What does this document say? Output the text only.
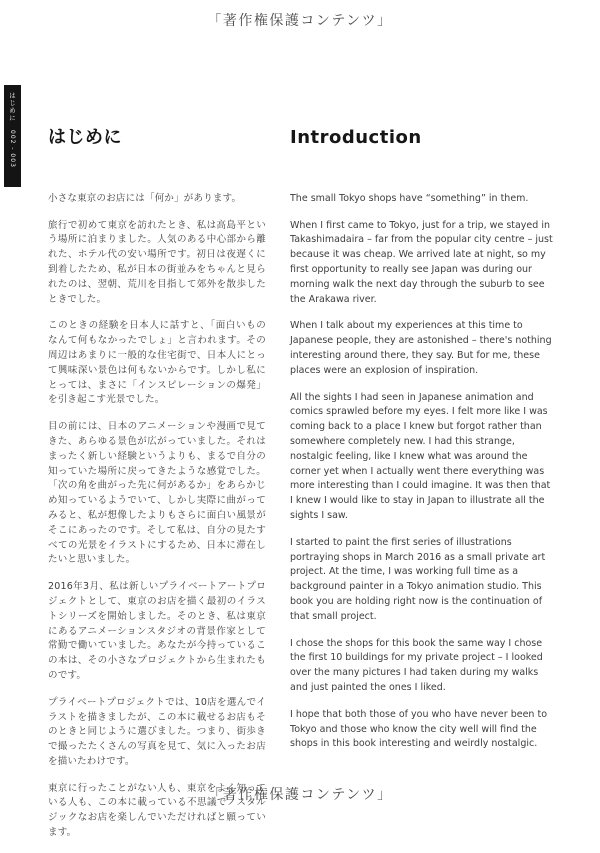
「著作権保護コンテンツ」
はじめに
002 - 003 はじめに

小さな東京のお店には「何か」があります。

旅行で初めて東京を訪れたとき、私は高島平という場所に泊まりました。人気のある中心部から離れた、ホテル代の安い場所です。初日は夜遅くに到着したため、私が日本の街並みをちゃんと見られたのは、翌朝、荒川を目指して郊外を散歩したときでした。

このときの経験を日本人に話すと、「面白いものなんて何もなかったでしょ」と言われます。その周辺はあまりに一般的な住宅街で、日本人にとって興味深い景色は何もないからです。しかし私にとっては、まさに「インスピレーションの爆発」を引き起こす光景でした。

目の前には、日本のアニメーションや漫画で見てきた、あらゆる景色が広がっていました。それはまったく新しい経験というよりも、まるで自分の知っていた場所に戻ってきたような感覚でした。「次の角を曲がった先に何があるか」をあらかじめ知っているようでいて、しかし実際に曲がってみると、私が想像したよりもさらに面白い風景がそこにあったのです。そして私は、自分の見たすべての光景をイラストにするため、日本に滞在したいと思いました。

2016年3月、私は新しいプライベートアートプロジェクトとして、東京のお店を描く最初のイラストシリーズを開始しました。そのとき、私は東京にあるアニメーションスタジオの背景作家として常勤で働いていました。あなたが今持っているこの本は、その小さなプロジェクトから生まれたものです。

プライベートプロジェクトでは、10店を選んでイラストを描きましたが、この本に載せるお店もそのときと同じように選びました。つまり、街歩きで撮ったたくさんの写真を見て、気に入ったお店を描いたわけです。

東京に行ったことがない人も、東京をよく知っている人も、この本に載っている不思議でノスタルジックなお店を楽しんでいただければと願っています。

Introduction

The small Tokyo shops have “something” in them.

When I first came to Tokyo, just for a trip, we stayed in Takashimadaira – far from the popular city centre – just because it was cheap. We arrived late at night, so my first opportunity to really see Japan was during our morning walk the next day through the suburb to see the Arakawa river.

When I talk about my experiences at this time to Japanese people, they are astonished – there's nothing interesting around there, they say. But for me, these places were an explosion of inspiration.

All the sights I had seen in Japanese animation and comics sprawled before my eyes. I felt more like I was coming back to a place I knew but forgot rather than somewhere completely new. I had this strange, nostalgic feeling, like I knew what was around the corner yet when I actually went there everything was more interesting than I could imagine. It was then that I knew I would like to stay in Japan to illustrate all the sights I saw.

I started to paint the first series of illustrations portraying shops in March 2016 as a small private art project. At the time, I was working full time as a background painter in a Tokyo animation studio. This book you are holding right now is the continuation of that small project.

I chose the shops for this book the same way I chose the first 10 buildings for my private project – I looked over the many pictures I had taken during my walks and just painted the ones I liked.

I hope that both those of you who have never been to Tokyo and those who know the city well will find the shops in this book interesting and weirdly nostalgic.

「著作権保護コンテンツ」
